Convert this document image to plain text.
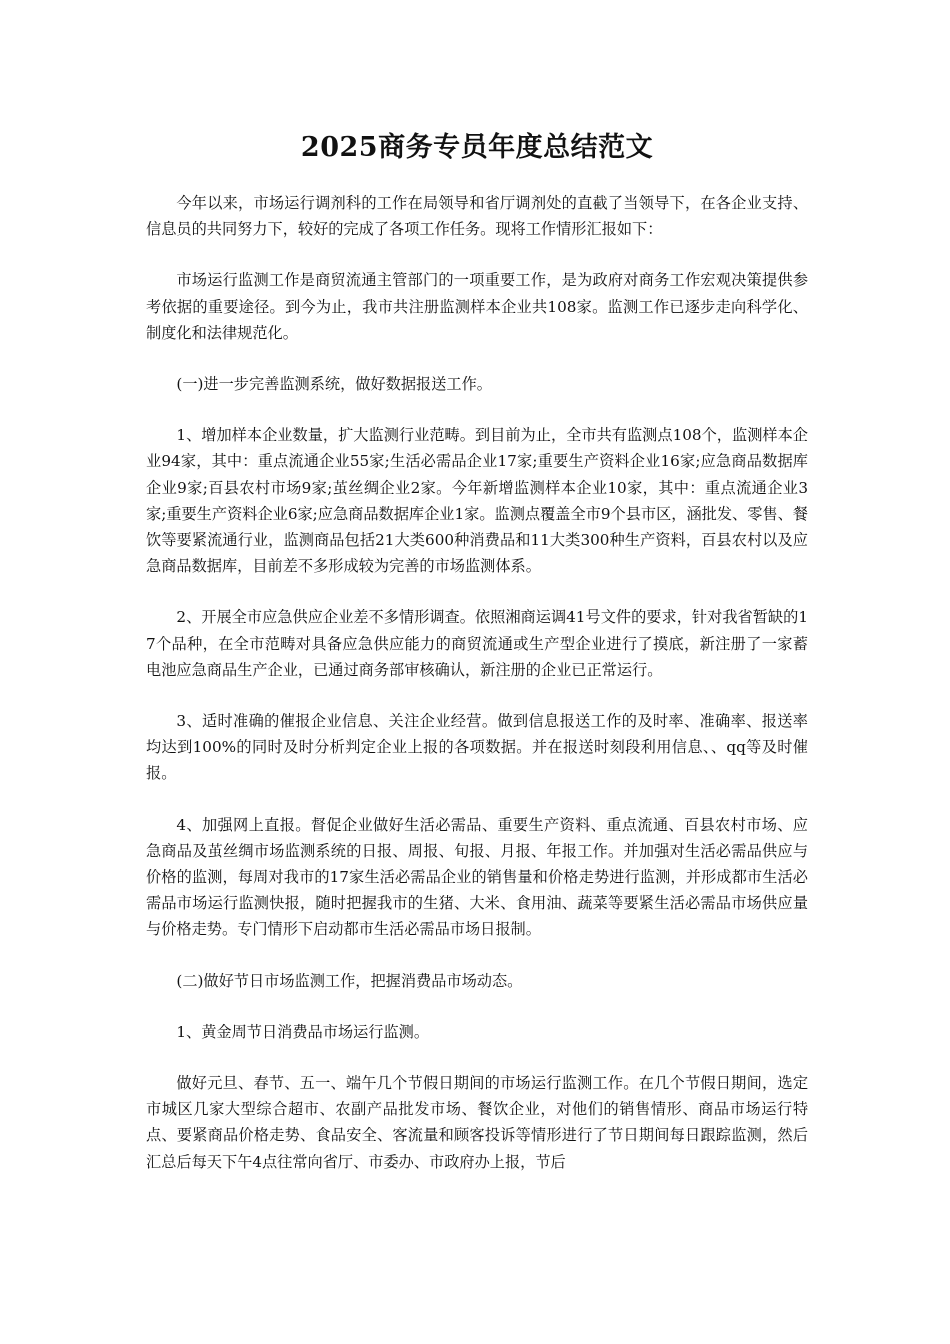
2025商务专员年度总结范文

今年以来，市场运行调剂科的工作在局领导和省厅调剂处的直截了当领导下，在各企业支持、信息员的共同努力下，较好的完成了各项工作任务。现将工作情形汇报如下：

市场运行监测工作是商贸流通主管部门的一项重要工作，是为政府对商务工作宏观决策提供参考依据的重要途径。到今为止，我市共注册监测样本企业共108家。监测工作已逐步走向科学化、制度化和法律规范化。

(一)进一步完善监测系统，做好数据报送工作。

1、增加样本企业数量，扩大监测行业范畴。到目前为止，全市共有监测点108个，监测样本企业94家，其中：重点流通企业55家;生活必需品企业17家;重要生产资料企业16家;应急商品数据库企业9家;百县农村市场9家;茧丝绸企业2家。今年新增监测样本企业10家，其中：重点流通企业3家;重要生产资料企业6家;应急商品数据库企业1家。监测点覆盖全市9个县市区，涵批发、零售、餐饮等要紧流通行业，监测商品包括21大类600种消费品和11大类300种生产资料，百县农村以及应急商品数据库，目前差不多形成较为完善的市场监测体系。

2、开展全市应急供应企业差不多情形调查。依照湘商运调41号文件的要求，针对我省暂缺的17个品种，在全市范畴对具备应急供应能力的商贸流通或生产型企业进行了摸底，新注册了一家蓄电池应急商品生产企业，已通过商务部审核确认，新注册的企业已正常运行。

3、适时准确的催报企业信息、关注企业经营。做到信息报送工作的及时率、准确率、报送率均达到100%的同时及时分析判定企业上报的各项数据。并在报送时刻段利用信息、、qq等及时催报。

4、加强网上直报。督促企业做好生活必需品、重要生产资料、重点流通、百县农村市场、应急商品及茧丝绸市场监测系统的日报、周报、旬报、月报、年报工作。并加强对生活必需品供应与价格的监测，每周对我市的17家生活必需品企业的销售量和价格走势进行监测，并形成都市生活必需品市场运行监测快报，随时把握我市的生猪、大米、食用油、蔬菜等要紧生活必需品市场供应量与价格走势。专门情形下启动都市生活必需品市场日报制。

(二)做好节日市场监测工作，把握消费品市场动态。

1、黄金周节日消费品市场运行监测。

做好元旦、春节、五一、端午几个节假日期间的市场运行监测工作。在几个节假日期间，选定市城区几家大型综合超市、农副产品批发市场、餐饮企业，对他们的销售情形、商品市场运行特点、要紧商品价格走势、食品安全、客流量和顾客投诉等情形进行了节日期间每日跟踪监测，然后汇总后每天下午4点往常向省厅、市委办、市政府办上报，节后
